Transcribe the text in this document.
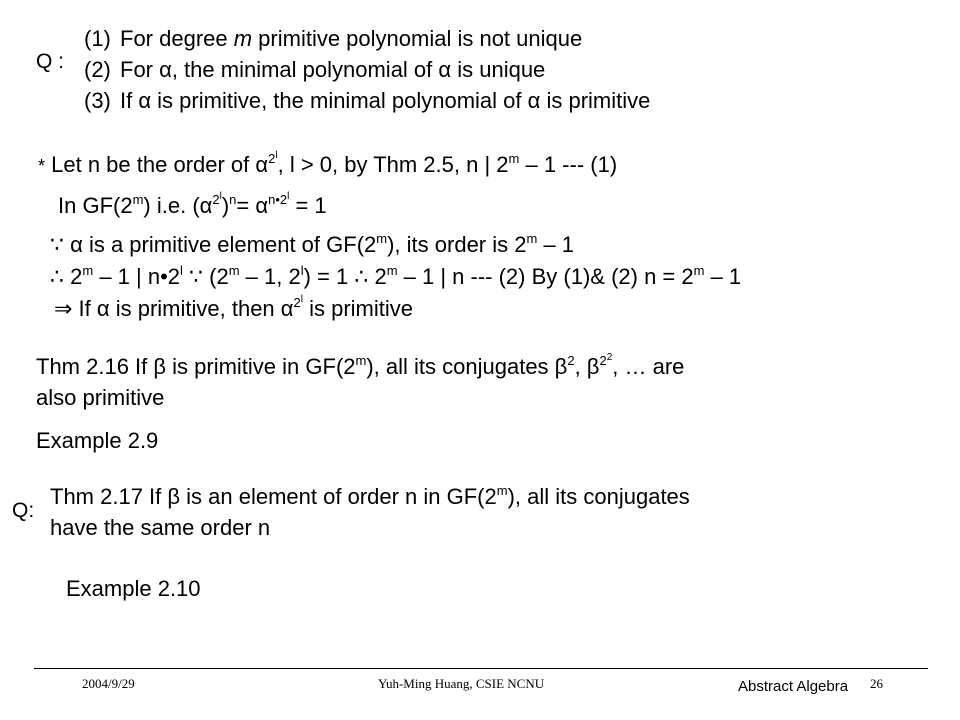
Q :
(1) For degree m primitive polynomial is not unique
(2) For α, the minimal polynomial of α is unique
(3) If α is primitive, the minimal polynomial of α is primitive
* Let n be the order of $\alpha^{2^l}$, l > 0, by Thm 2.5, n | 2$^m$ – 1 --- (1)
In GF(2$^m$) i.e. $(\alpha^{2^l})^n= \alpha^{n•2^l} = 1$
∵ α is a primitive element of GF(2$^m$), its order is 2$^m$ – 1
∴ 2$^m$ – 1 | n•2$^l$ ∵ (2$^m$ – 1, $2^l) = 1$ ∴ 2$^m$ – 1 | n --- (2) By (1)& (2) $n = 2^m - 1$
⇒ If α is primitive, then $\alpha^{2^l}$ is primitive
Thm 2.16 If β is primitive in GF(2$^m$), all its conjugates $\beta^2$, $\beta^{2^2}$, … are
also primitive
Example 2.9
Q:
Thm 2.17 If β is an element of order n in GF(2$^m$), all its conjugates
have the same order n
Example 2.10
2004/9/29	Yuh-Ming Huang, CSIE NCNU	Abstract Algebra 26
